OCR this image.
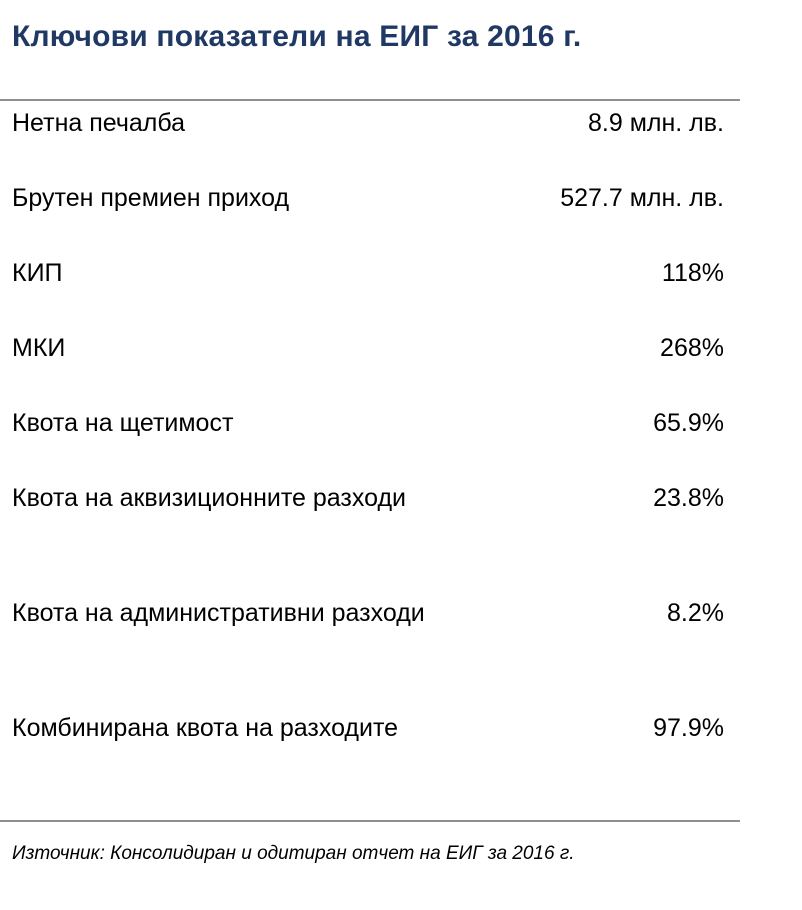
Ключови показатели на ЕИГ за 2016 г.
Нетна печалба	8.9 млн. лв.
Брутен премиен приход	527.7 млн. лв.
КИП	118%
МКИ	268%
Квота на щетимост	65.9%
Квота на аквизиционните разходи	23.8%
Квота на административни разходи	8.2%
Комбинирана квота на разходите	97.9%
Източник: Консолидиран и одитиран отчет на ЕИГ за 2016 г.
